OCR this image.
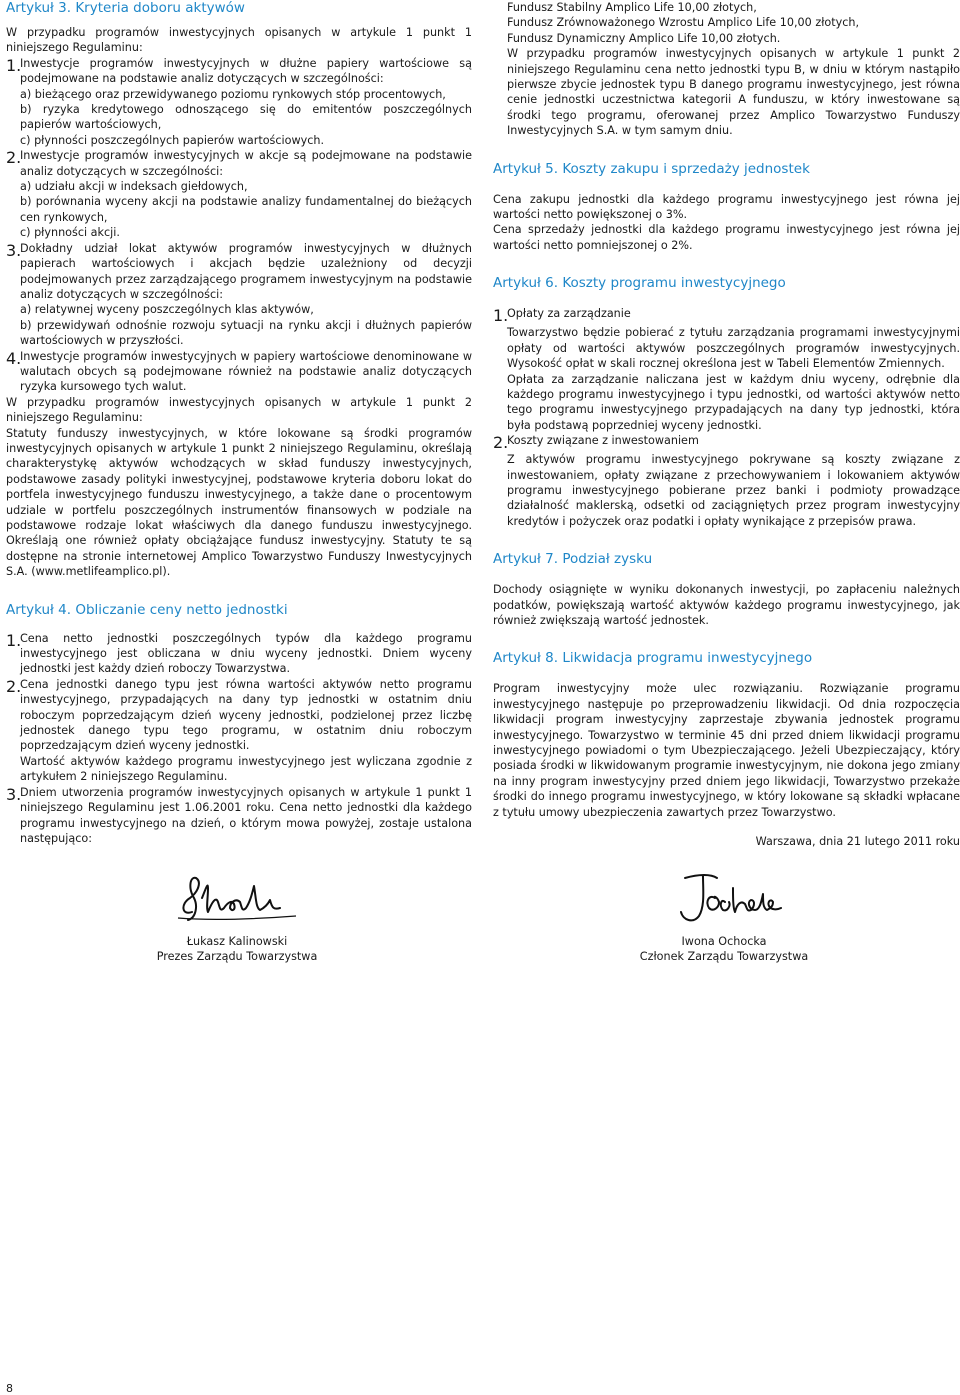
Artykuł 3. Kryteria doboru aktywów

W przypadku programów inwestycyjnych opisanych w artykule 1 punkt 1 niniejszego Regulaminu:

1.
Inwestycje programów inwestycyjnych w dłużne papiery wartościowe są podejmowane na podstawie analiz dotyczących w szczególności:

a) bieżącego oraz przewidywanego poziomu rynkowych stóp procentowych,

b) ryzyka kredytowego odnoszącego się do emitentów poszczególnych papierów wartościowych,

c) płynności poszczególnych papierów wartościowych.

2.
Inwestycje programów inwestycyjnych w akcje są podejmowane na podstawie analiz dotyczących w szczególności:

a) udziału akcji w indeksach giełdowych,

b) porównania wyceny akcji na podstawie analizy fundamentalnej do bieżących cen rynkowych,

c) płynności akcji.

3.
Dokładny udział lokat aktywów programów inwestycyjnych w dłużnych papierach wartościowych i akcjach będzie uzależniony od decyzji podejmowanych przez zarządzającego programem inwestycyjnym na podstawie analiz dotyczących w szczególności:

a) relatywnej wyceny poszczególnych klas aktywów,

b) przewidywań odnośnie rozwoju sytuacji na rynku akcji i dłużnych papierów wartościowych w przyszłości.

4.
Inwestycje programów inwestycyjnych w papiery wartościowe denominowane w walutach obcych są podejmowane również na podstawie analiz dotyczących ryzyka kursowego tych walut.

W przypadku programów inwestycyjnych opisanych w artykule 1 punkt 2 niniejszego Regulaminu:

Statuty funduszy inwestycyjnych, w które lokowane są środki programów inwestycyjnych opisanych w artykule 1 punkt 2 niniejszego Regulaminu, określają charakterystykę aktywów wchodzących w skład funduszy inwestycyjnych, podstawowe zasady polityki inwestycyjnej, podstawowe kryteria doboru lokat do portfela inwestycyjnego funduszu inwestycyjnego, a także dane o procentowym udziale w portfelu poszczególnych instrumentów finansowych w podziale na podstawowe rodzaje lokat właściwych dla danego funduszu inwestycyjnego. Określają one również opłaty obciążające fundusz inwestycyjny. Statuty te są dostępne na stronie internetowej Amplico Towarzystwo Funduszy Inwestycyjnych S.A. (www.metlifeamplico.pl).

Artykuł 4. Obliczanie ceny netto jednostki
1.
Cena netto jednostki poszczególnych typów dla każdego programu inwestycyjnego jest obliczana w dniu wyceny jednostki. Dniem wyceny jednostki jest każdy dzień roboczy Towarzystwa.
2.
Cena jednostki danego typu jest równa wartości aktywów netto programu inwestycyjnego, przypadających na dany typ jednostki w ostatnim dniu roboczym poprzedzającym dzień wyceny jednostki, podzielonej przez liczbę jednostek danego typu tego programu, w ostatnim dniu roboczym poprzedzającym dzień wyceny jednostki.

Wartość aktywów każdego programu inwestycyjnego jest wyliczana zgodnie z artykułem 2 niniejszego Regulaminu.

3.
Dniem utworzenia programów inwestycyjnych opisanych w artykule 1 punkt 1 niniejszego Regulaminu jest 1.06.2001 roku. Cena netto jednostki dla każdego programu inwestycyjnego na dzień, o którym mowa powyżej, zostaje ustalona następująco:

Fundusz Stabilny Amplico Life 10,00 złotych,

Fundusz Zrównoważonego Wzrostu Amplico Life 10,00 złotych,

Fundusz Dynamiczny Amplico Life 10,00 złotych.

W przypadku programów inwestycyjnych opisanych w artykule 1 punkt 2 niniejszego Regulaminu cena netto jednostki typu B, w dniu w którym nastąpiło pierwsze zbycie jednostek typu B danego programu inwestycyjnego, jest równa cenie jednostki uczestnictwa kategorii A funduszu, w który inwestowane są środki tego programu, oferowanej przez Amplico Towarzystwo Funduszy Inwestycyjnych S.A. w tym samym dniu.

Artykuł 5. Koszty zakupu i sprzedaży jednostek

Cena zakupu jednostki dla każdego programu inwestycyjnego jest równa jej wartości netto powiększonej o 3%.

Cena sprzedaży jednostki dla każdego programu inwestycyjnego jest równa jej wartości netto pomniejszonej o 2%.

Artykuł 6. Koszty programu inwestycyjnego
1.
Opłaty za zarządzanie

Towarzystwo będzie pobierać z tytułu zarządzania programami inwestycyjnymi opłaty od wartości aktywów poszczególnych programów inwestycyjnych. Wysokość opłat w skali rocznej określona jest w Tabeli Elementów Zmiennych.

Opłata za zarządzanie naliczana jest w każdym dniu wyceny, odrębnie dla każdego programu inwestycyjnego i typu jednostki, od wartości aktywów netto tego programu inwestycyjnego przypadających na dany typ jednostki, która była podstawą poprzedniej wyceny jednostki.

2.
Koszty związane z inwestowaniem

Z aktywów programu inwestycyjnego pokrywane są koszty związane z inwestowaniem, opłaty związane z przechowywaniem i lokowaniem aktywów programu inwestycyjnego pobierane przez banki i podmioty prowadzące działalność maklerską, odsetki od zaciągniętych przez program inwestycyjny kredytów i pożyczek oraz podatki i opłaty wynikające z przepisów prawa.

Artykuł 7. Podział zysku

Dochody osiągnięte w wyniku dokonanych inwestycji, po zapłaceniu należnych podatków, powiększają wartość aktywów każdego programu inwestycyjnego, jak również zwiększają wartość jednostek.

Artykuł 8. Likwidacja programu inwestycyjnego

Program inwestycyjny może ulec rozwiązaniu. Rozwiązanie programu inwestycyjnego następuje po przeprowadzeniu likwidacji. Od dnia rozpoczęcia likwidacji program inwestycyjny zaprzestaje zbywania jednostek programu inwestycyjnego. Towarzystwo w terminie 45 dni przed dniem likwidacji programu inwestycyjnego powiadomi o tym Ubezpieczającego. Jeżeli Ubezpieczający, który posiada środki w likwidowanym programie inwestycyjnym, nie dokona jego zmiany na inny program inwestycyjny przed dniem jego likwidacji, Towarzystwo przekaże środki do innego programu inwestycyjnego, w który lokowane są składki wpłacane z tytułu umowy ubezpieczenia zawartych przez Towarzystwo.

Warszawa, dnia 21 lutego 2011 roku

Łukasz Kalinowski
Prezes Zarządu Towarzystwa
Iwona Ochocka
Członek Zarządu Towarzystwa
8
